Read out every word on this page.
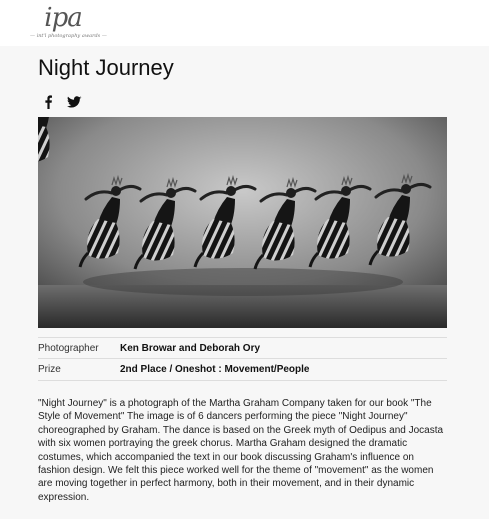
ipa
— int'l photography awards —
Night Journey
Photographer	Ken Browar and Deborah Ory
Prize	2nd Place / Oneshot : Movement/People

"Night Journey" is a photograph of the Martha Graham Company taken for our book "The Style of Movement" The image is of 6 dancers performing the piece "Night Journey" choreographed by Graham. The dance is based on the Greek myth of Oedipus and Jocasta with six women portraying the greek chorus. Martha Graham designed the dramatic costumes, which accompanied the text in our book discussing Graham's influence on fashion design. We felt this piece worked well for the theme of "movement" as the women are moving together in perfect harmony, both in their movement, and in their dynamic expression.
